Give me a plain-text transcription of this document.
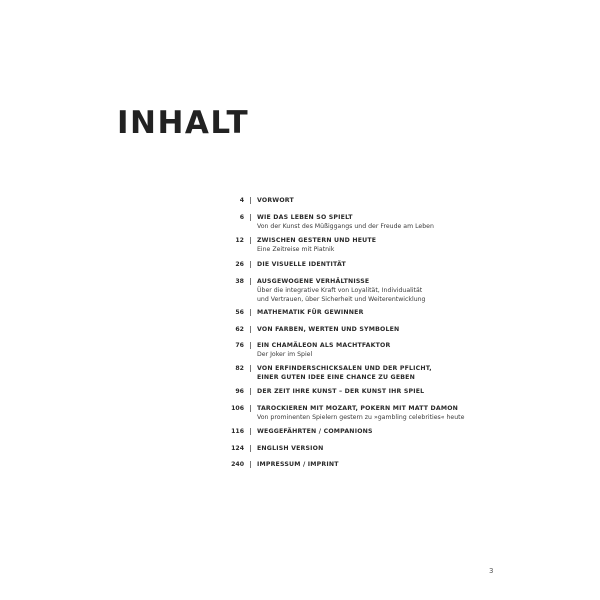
INHALT
4 VORWORT
6 WIE DAS LEBEN SO SPIELT
Von der Kunst des Müßiggangs und der Freude am Leben
12 ZWISCHEN GESTERN UND HEUTE
Eine Zeitreise mit Piatnik
26 DIE VISUELLE IDENTITÄT
38 AUSGEWOGENE VERHÄLTNISSE
Über die integrative Kraft von Loyalität, Individualität
und Vertrauen, über Sicherheit und Weiterentwicklung
56 MATHEMATIK FÜR GEWINNER
62 VON FARBEN, WERTEN UND SYMBOLEN
76 EIN CHAMÄLEON ALS MACHTFAKTOR
Der Joker im Spiel
82 VON ERFINDERSCHICKSALEN UND DER PFLICHT,
EINER GUTEN IDEE EINE CHANCE ZU GEBEN
96 DER ZEIT IHRE KUNST – DER KUNST IHR SPIEL
106 TAROCKIEREN MIT MOZART, POKERN MIT MATT DAMON
Von prominenten Spielern gestern zu »gambling celebrities« heute
116 WEGGEFÄHRTEN / COMPANIONS
124 ENGLISH VERSION
240 IMPRESSUM / IMPRINT
3
